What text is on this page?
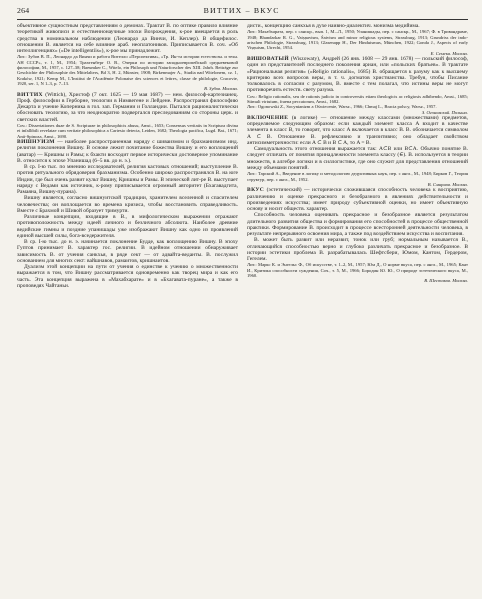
264	ВИТТИХ – ВКУС

объективное сущностным представлениям о демонах. Трактат В. по оптике правило влияние теоретикой живописи и естественнонаучные эпохи Возрождения, к-рое вмещается в роль средства в номинальном наблюдении (Леонардо да Винчи, И. Кеплер). В общефилос. отношении В. является на себе влияние араб. неоплатоников. Приписывается В. соч. «Об интеллигенциях» («De intelligentiis»), к-рое мы принадлежит.

Лит.: Зубов В. П., Леонардо да Винчи и работа Вителло «Перспектива», «Тр. Ин-та истории естествозн. и техн. АН СССР», т. 1, М., 1954; Трахтенберг О. В., Очерки по истории западноевропейской средневековой философии, М., 1957, с. 127–38; Baeumker C., Witelo, ein Philosoph und Naturforscher des XIII. Jahrh. Beiträge zur Geschichte der Philosophie des Mittelalters, Bd 3, H. 2, Münster, 1908; Birkenmajer A., Studia nad Witelonem, cz. 1, Kraków, 1921; Kemp M., L'Institut de l'Académie Polonaise des sciences et lettres, classe de philologie, Cracovie, 1920, ser. 1, N 1–3, p. 7–13.

В. Зубов. Москва.

ВИТТИХ (Wittich), Христоф (7 окт. 1625 — 19 мая 1687) — нем. философ-картезианец. Проф. философии в Герборне, теологии в Нимвегене и Лейдене. Распространял философию Декарта и учение Коперника в гол. зап. Германии и Голландии. Пытался рационалистически обосновать теологию, за что неоднократно подвергался преследованиям со стороны церк. и светских властей.

Соч.: Dissertationes duae de S. Scripturae in philosophicis abusu, Amst., 1653; Consensus veritatis in Scriptura divina et infallibili revelatae cum veritate philosophica a Cartesio detecta, Leiden, 1682; Theologia pacifica, Lugd. Bat., 1671; Anti-Spinoza, Amst., 1690.

ВИШНУИЗМ — наиболее распространенная наряду с шиваизмом и брахманизмом инд. религия поклонения Вишну. В основе лежит почитание божества Вишну и его воплощений (аватар) — Кришны и Рамы; к бхакти восходит первое исторически достоверное упоминание В. относится к эпохе Упанишад (6–5 вв. до н. э.).

В ср. I-ю тыс. по мнению исследователей, религия кастовых отношений; выступление В. против ритуального обрядоверия брахманизма. Особенно широко распространялся В. на юге Индии, где был очень развит культ Вишну, Кришны и Рамы. В эпической лит-ре В. выступает наряду с Ведами как источник, к-рому приписывается огромный авторитет (Бхагавадгита, Рамаяна, Вишну-пурана).

Вишну является, согласно вишнуитской традиции, хранителем вселенной и спасителем человечества; он воплощается во времена кризиса, чтобы восстановить справедливость. Вместе с Брахмой и Шивой образует тримурти.

Различные концепции, входящие в В., в мифологическом выражении отражают противоположность между идеей личного и безличного абсолюта. Наиболее древние ведийские гимны и поздние упанишады уже изображают Вишну как одно из проявлений единой высшей силы, бога-вседержителя.

В ср. I-ю тыс. до н. э. начинается поклонение Будде, как воплощению Вишну. В эпоху Гуптов принимает В. характер гос. религии. В идейном отношении обнаруживает зависимость В. от учения санкхья, в ряде сект — от адвайта-веданты. В. послужил основанием для многих сект: вайшнавов, рамаитов, кришнаитов.

Дуализм этой концепции на пути от учения о единстве к учению о множественности выражается в том, что Вишну рассматривается одновременно как творец мира и как его часть. Эта концепция выражена в «Махабхарате» и в «Бхагавата-пуране», а также в проповедях Чайтаньи.

дисти., концепцию санкхья в духе наивно-диалектич. монизма медийима.

Лит.: Махабхарата, пер. с санскр., вып. 1, М.–Л., 1950; Упанишады, пер. с санскр., М., 1967; Ф. в Тривандраме, 1948; Bhandarkar R. G., Vaiṣṇavism, Śaivism and minor religious systems, Strassburg, 1913; Grundriss der indo-arischen Philologie, Strassburg, 1913; Glasenapp H., Der Hinduismus, München, 1922; Gonda J., Aspects of early Viṣṇuism, Utrecht, 1954.

Е. Семека. Москва.

ВИШОВАТЫЙ (Wiszowaty), Андрей (26 янв. 1608 — 29 янв. 1678) — польский философ, один из представителей последнего поколения ариан, или «польских братьев». В трактате «Рациональная религия» («Religio rationalis», 1685) В. обращается к разуму как к высшему критерию всех вопросов веры, в т. ч. догматов христианства. Требуя, чтобы Писание толковалось в согласии с разумом, В. вместе с тем полагал, что истины веры не могут противоречить естеств. свету разума.

Соч.: Religio rationalis, seu de rationis judicio in controversiis etiam theologicis ac religiosis adhibendo, Amst., 1685; Stimuli virtutum, fraena peccatorum, Amst., 1682.

Лит.: Ogonowski Z., Socynianizm a Oświecenie, Warsz., 1966; Chmaj L., Bracia polscy, Warsz., 1957.

З. Огоновский. Польша.

ВКЛЮЧЕНИЕ (в логике) — отношение между классами (множествами) предметов, определяемое следующим образом: если каждый элемент класса A входит в качестве элемента в класс B, то говорят, что класс A включается в класс B. В. обозначается символом A ⊂ B. Отношение В. рефлексивно и транзитивно; оно обладает свойством антисимметричности: если A ⊂ B и B ⊂ A, то A = B.

Самодуальность этого отношения выражается так: A⊂B или B⊂A. Обычно понятие В. следует отличать от понятия принадлежности элемента классу (∈). В. используется в теории множеств, в алгебре логики и в силлогистике, где оно служит для представления отношений между объемами понятий.

Лит.: Тарский А., Введение в логику и методологию дедуктивных наук, пер. с англ., М., 1948; Бирков Г., Теория структур, пер. с англ., М., 1952.

В. Смирнов. Москва.

ВКУС (эстетический) — исторически сложившаяся способность человека к восприятию, различению и оценке прекрасного и безобразного в явлениях действительности и произведениях искусства; имеет природу субъективной оценки, но имеет объективную основу и носит обществ. характер.

Способность человека оценивать прекрасное и безобразное является результатом длительного развития общества и формирования его способностей в процессе общественной практики. Формирование В. происходит в процессе всесторонней деятельности человека, в результате непрерывного освоения мира, а также под воздействием искусства и воспитания.

В. может быть развит или неразвит, тонок или груб; нормальным называется В., отличающийся способностью верно и глубоко различать прекрасное и безобразное. В истории эстетики проблема В. разрабатывалась Шефтсбери, Юмом, Кантом, Гердером, Гегелем.

Лит.: Маркс К. и Энгельс Ф., Об искусстве, т. 1–2, М., 1957; Юм Д., О норме вкуса, пер. с англ., М., 1965; Кант И., Критика способности суждения, Соч., т. 5, М., 1966; Бородин Ю. Ю., О природе эстетического вкуса, М., 1960.

В. Шестаков. Москва.
